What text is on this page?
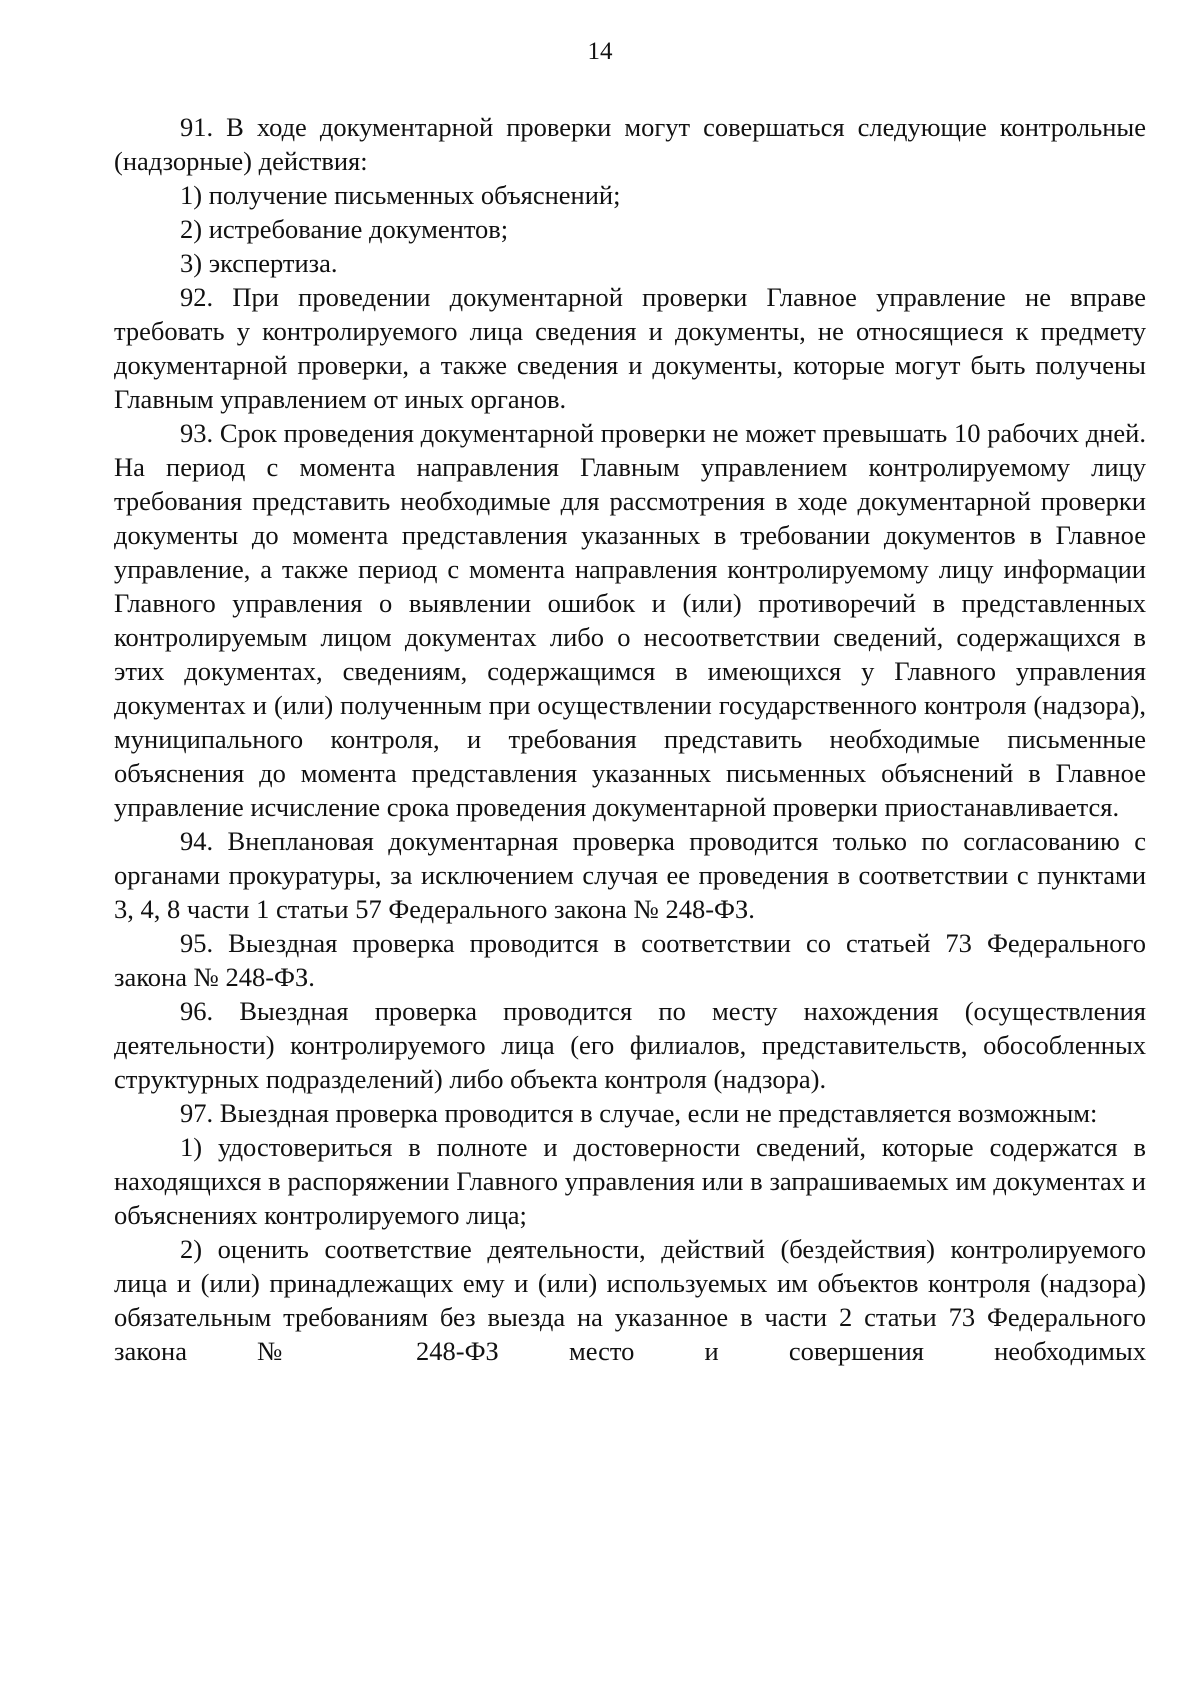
14

91. В ходе документарной проверки могут совершаться следующие контрольные (надзорные) действия:

1) получение письменных объяснений;

2) истребование документов;

3) экспертиза.

92. При проведении документарной проверки Главное управление не вправе требовать у контролируемого лица сведения и документы, не относящиеся к предмету документарной проверки, а также сведения и документы, которые могут быть получены Главным управлением от иных органов.

93. Срок проведения документарной проверки не может превышать 10 рабочих дней. На период с момента направления Главным управлением контролируемому лицу требования представить необходимые для рассмотрения в ходе документарной проверки документы до момента представления указанных в требовании документов в Главное управление, а также период с момента направления контролируемому лицу информации Главного управления о выявлении ошибок и (или) противоречий в представленных контролируемым лицом документах либо о несоответствии сведений, содержащихся в этих документах, сведениям, содержащимся в имеющихся у Главного управления документах и (или) полученным при осуществлении государственного контроля (надзора), муниципального контроля, и требования представить необходимые письменные объяснения до момента представления указанных письменных объяснений в Главное управление исчисление срока проведения документарной проверки приостанавливается.

94. Внеплановая документарная проверка проводится только по согласованию с органами прокуратуры, за исключением случая ее проведения в соответствии с пунктами 3, 4, 8 части 1 статьи 57 Федерального закона № 248-ФЗ.

95. Выездная проверка проводится в соответствии со статьей 73 Федерального закона № 248-ФЗ.

96. Выездная проверка проводится по месту нахождения (осуществления деятельности) контролируемого лица (его филиалов, представительств, обособленных структурных подразделений) либо объекта контроля (надзора).

97. Выездная проверка проводится в случае, если не представляется возможным:

1) удостовериться в полноте и достоверности сведений, которые содержатся в находящихся в распоряжении Главного управления или в запрашиваемых им документах и объяснениях контролируемого лица;

2) оценить соответствие деятельности, действий (бездействия) контролируемого лица и (или) принадлежащих ему и (или) используемых им объектов контроля (надзора) обязательным требованиям без выезда на указанное в части 2 статьи 73 Федерального закона № 248-ФЗ место и совершения необходимых
